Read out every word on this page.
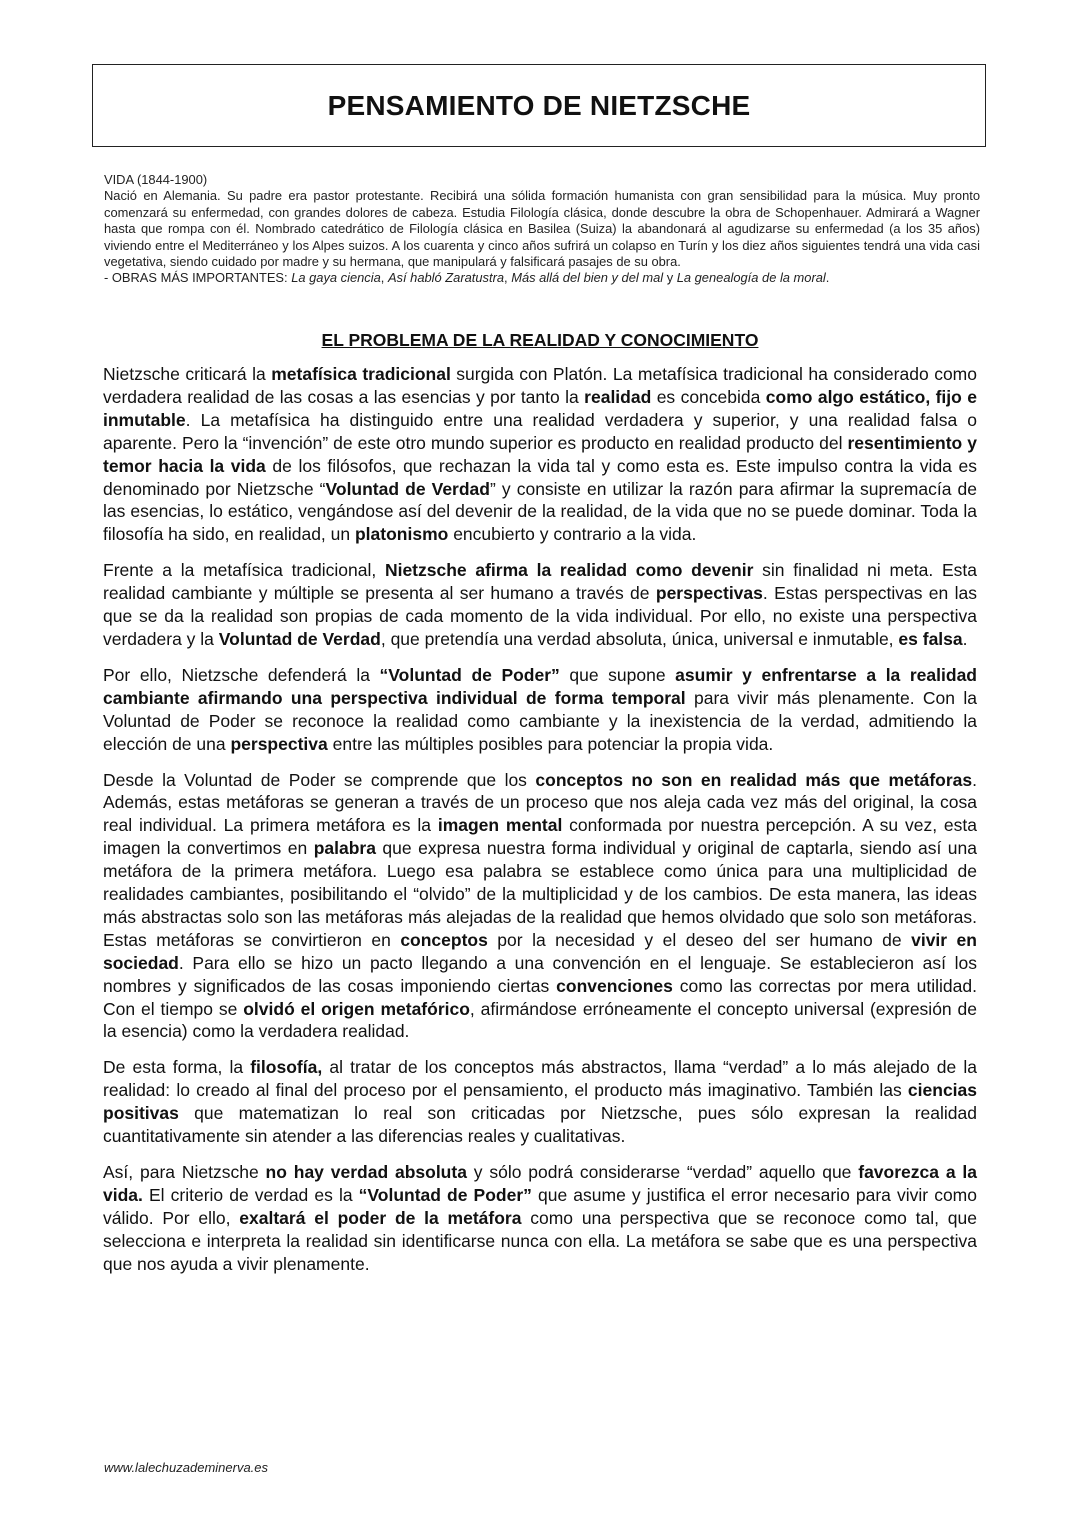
PENSAMIENTO DE NIETZSCHE

VIDA (1844-1900)

Nació en Alemania. Su padre era pastor protestante. Recibirá una sólida formación humanista con gran sensibilidad para la música. Muy pronto comenzará su enfermedad, con grandes dolores de cabeza. Estudia Filología clásica, donde descubre la obra de Schopenhauer. Admirará a Wagner hasta que rompa con él. Nombrado catedrático de Filología clásica en Basilea (Suiza) la abandonará al agudizarse su enfermedad (a los 35 años) viviendo entre el Mediterráneo y los Alpes suizos. A los cuarenta y cinco años sufrirá un colapso en Turín y los diez años siguientes tendrá una vida casi vegetativa, siendo cuidado por madre y su hermana, que manipulará y falsificará pasajes de su obra.

- OBRAS MÁS IMPORTANTES: La gaya ciencia, Así habló Zaratustra, Más allá del bien y del mal y La genealogía de la moral.

EL PROBLEMA DE LA REALIDAD Y CONOCIMIENTO

Nietzsche criticará la metafísica tradicional surgida con Platón. La metafísica tradicional ha considerado como verdadera realidad de las cosas a las esencias y por tanto la realidad es concebida como algo estático, fijo e inmutable. La metafísica ha distinguido entre una realidad verdadera y superior, y una realidad falsa o aparente. Pero la “invención” de este otro mundo superior es producto en realidad producto del resentimiento y temor hacia la vida de los filósofos, que rechazan la vida tal y como esta es. Este impulso contra la vida es denominado por Nietzsche “Voluntad de Verdad” y consiste en utilizar la razón para afirmar la supremacía de las esencias, lo estático, vengándose así del devenir de la realidad, de la vida que no se puede dominar. Toda la filosofía ha sido, en realidad, un platonismo encubierto y contrario a la vida.

Frente a la metafísica tradicional, Nietzsche afirma la realidad como devenir sin finalidad ni meta. Esta realidad cambiante y múltiple se presenta al ser humano a través de perspectivas. Estas perspectivas en las que se da la realidad son propias de cada momento de la vida individual. Por ello, no existe una perspectiva verdadera y la Voluntad de Verdad, que pretendía una verdad absoluta, única, universal e inmutable, es falsa.

Por ello, Nietzsche defenderá la “Voluntad de Poder” que supone asumir y enfrentarse a la realidad cambiante afirmando una perspectiva individual de forma temporal para vivir más plenamente. Con la Voluntad de Poder se reconoce la realidad como cambiante y la inexistencia de la verdad, admitiendo la elección de una perspectiva entre las múltiples posibles para potenciar la propia vida.

Desde la Voluntad de Poder se comprende que los conceptos no son en realidad más que metáforas. Además, estas metáforas se generan a través de un proceso que nos aleja cada vez más del original, la cosa real individual. La primera metáfora es la imagen mental conformada por nuestra percepción. A su vez, esta imagen la convertimos en palabra que expresa nuestra forma individual y original de captarla, siendo así una metáfora de la primera metáfora. Luego esa palabra se establece como única para una multiplicidad de realidades cambiantes, posibilitando el “olvido” de la multiplicidad y de los cambios. De esta manera, las ideas más abstractas solo son las metáforas más alejadas de la realidad que hemos olvidado que solo son metáforas. Estas metáforas se convirtieron en conceptos por la necesidad y el deseo del ser humano de vivir en sociedad. Para ello se hizo un pacto llegando a una convención en el lenguaje. Se establecieron así los nombres y significados de las cosas imponiendo ciertas convenciones como las correctas por mera utilidad. Con el tiempo se olvidó el origen metafórico, afirmándose erróneamente el concepto universal (expresión de la esencia) como la verdadera realidad.

De esta forma, la filosofía, al tratar de los conceptos más abstractos, llama “verdad” a lo más alejado de la realidad: lo creado al final del proceso por el pensamiento, el producto más imaginativo. También las ciencias positivas que matematizan lo real son criticadas por Nietzsche, pues sólo expresan la realidad cuantitativamente sin atender a las diferencias reales y cualitativas.

Así, para Nietzsche no hay verdad absoluta y sólo podrá considerarse “verdad” aquello que favorezca a la vida. El criterio de verdad es la “Voluntad de Poder” que asume y justifica el error necesario para vivir como válido. Por ello, exaltará el poder de la metáfora como una perspectiva que se reconoce como tal, que selecciona e interpreta la realidad sin identificarse nunca con ella. La metáfora se sabe que es una perspectiva que nos ayuda a vivir plenamente.

www.lalechuzademinerva.es
